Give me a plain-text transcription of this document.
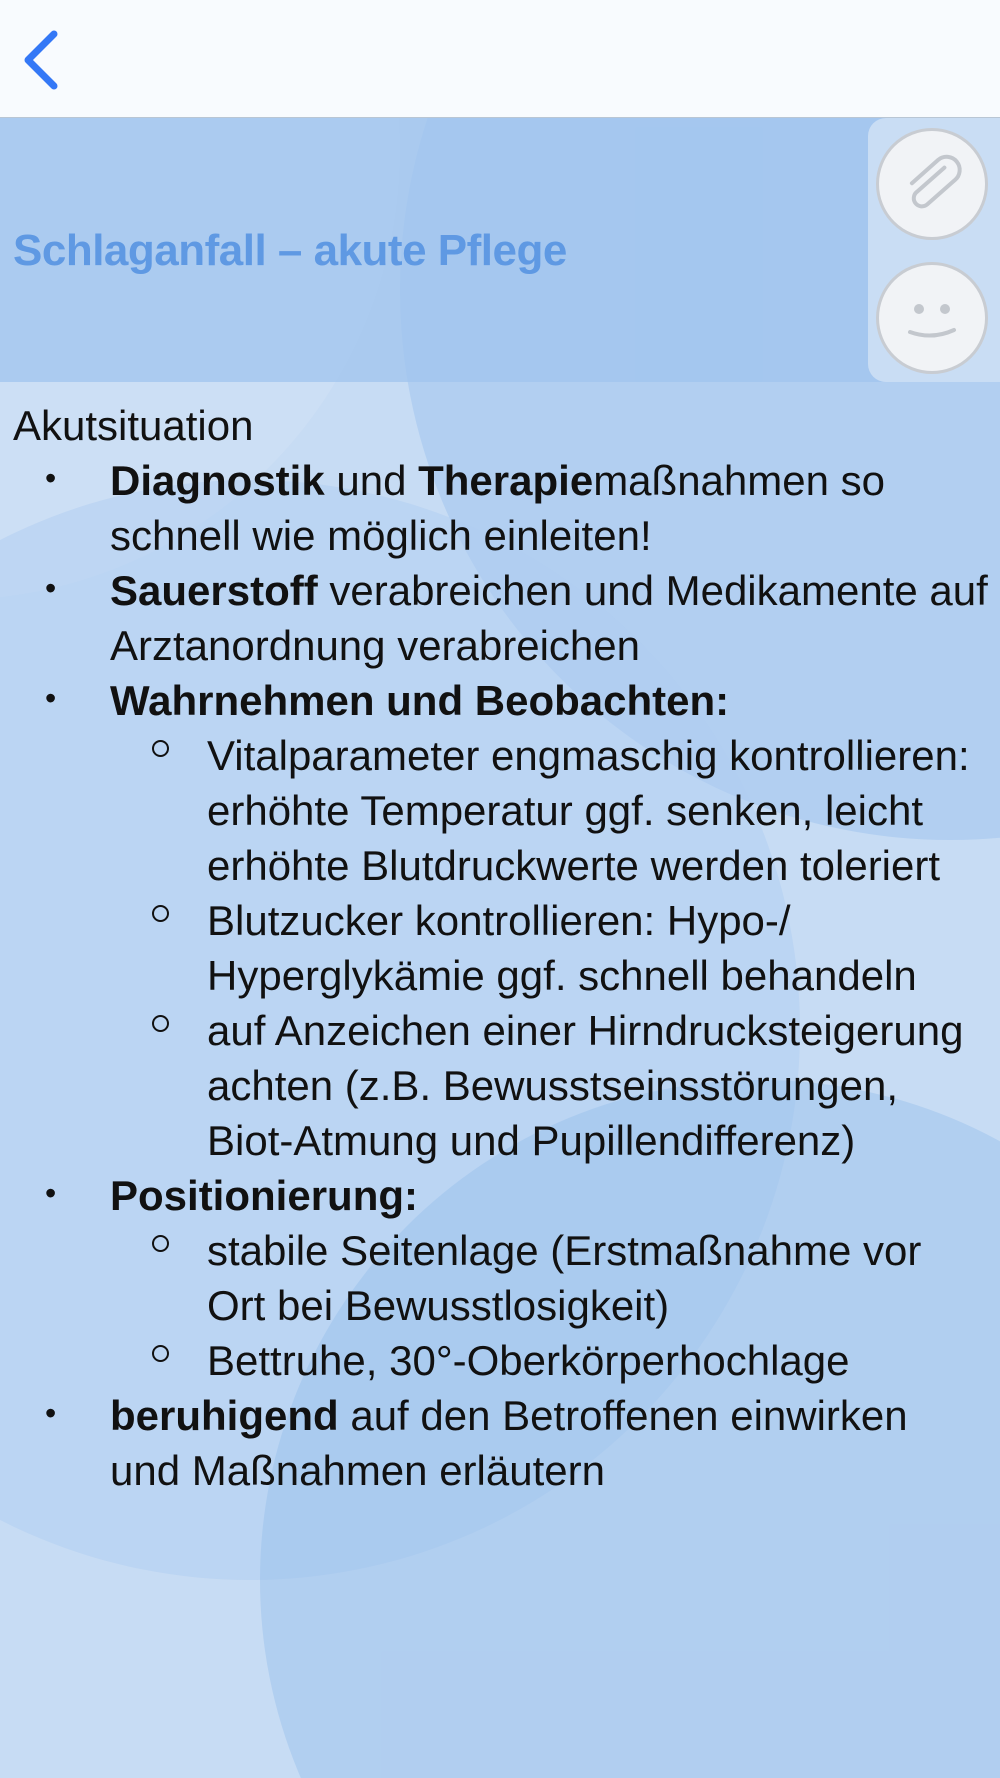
Schlaganfall – akute Pflege

Akutsituation

• Diagnostik und Therapiemaßnahmen so schnell wie möglich einleiten!
• Sauerstoff verabreichen und Medikamente auf Arztanordnung verabreichen
• Wahrnehmen und Beobachten:
Vitalparameter engmaschig kontrollieren: erhöhte Temperatur ggf. senken, leicht erhöhte Blutdruckwerte werden toleriert
Blutzucker kontrollieren: Hypo-/ Hyperglykämie ggf. schnell behandeln
auf Anzeichen einer Hirndrucksteigerung achten (z.B. Bewusstseinsstörungen, Biot-Atmung und Pupillendifferenz)
• Positionierung:
stabile Seitenlage (Erstmaßnahme vor Ort bei Bewusstlosigkeit)
Bettruhe, 30°-Oberkörperhochlage
• beruhigend auf den Betroffenen einwirken und Maßnahmen erläutern
